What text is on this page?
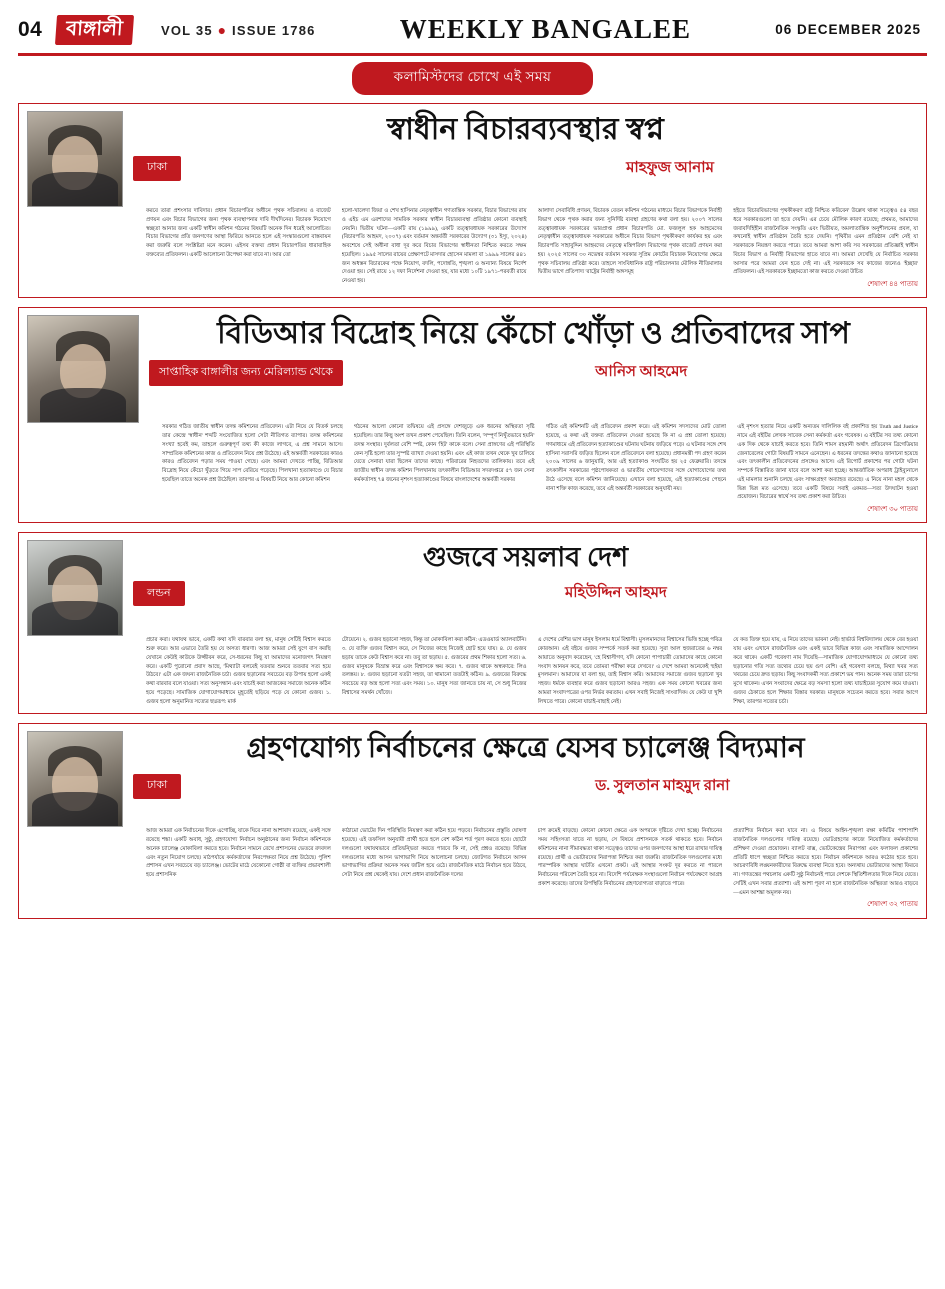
04	বাঙ্গালী	VOL 35 ● ISSUE 1786	WEEKLY BANGALEE	06 DECEMBER 2025
কলামিস্টদের চোখে এই সময়
স্বাধীন বিচারব্যবস্থার স্বপ্ন
ঢাকা	মাহফুজ আনাম
করবে তারা প্রশংসার দাবিদার। প্রধান বিচারপতির অধীনে পৃথক সচিবালয় ও বাজেট প্রণয়ন এবং বিচার বিভাগের জন্য পৃথক ব্যবস্থাপনার দাবি দীর্ঘদিনের। বিচারক নিয়োগে স্বচ্ছতা আনার জন্য একটি স্বাধীন কমিশন গঠনের বিষয়টি অনেক দিন ধরেই আলোচিত। বিচার বিভাগের প্রতি জনগণের আস্থা ফিরিয়ে আনতে হলে এই সংস্কারগুলো বাস্তবায়ন করা জরুরি বলে সংশ্লিষ্টরা মনে করেন। এইসব বক্তব্য প্রধান বিচারপতির ধারাবাহিক বক্তব্যের প্রতিফলন। একটি আলোচনা উপেক্ষা করা যাবে না। আর তো
হলো-খালেদা জিয়া ও শেখ হাসিনার নেতৃত্বাধীন গণতান্ত্রিক সরকার, বিচার বিভাগের রায় ও এইচ এম এরশাদের সামরিক সরকার স্বাধীন বিচারব্যবস্থা প্রতিষ্ঠার কোনো ব্যবস্থাই নেয়নি। দ্বিতীয় ঘটনা—একটি রায় (১৯৯৯), একটি তত্ত্বাবধায়ক সরকারের উদ্যোগ (বিচারপতি আহমদ, ২০০৭) এবং বর্তমান অন্তর্বর্তী সরকারের উদ্যোগ (৩১ ইস্যু, ২০২৪) অবশেষে সেই অধীনা বাধা দূর করে বিচার বিভাগের স্বাধীনতা নিশ্চিত করতে সক্ষম হয়েছিল। ১৯৯৫ সালের রায়ের প্রেক্ষাপটে মাসদার হোসেন মামলা বা ১৯৯৯ সালের ৪৪১ জন অধস্তন বিচারকের পক্ষে নিয়োগ, বদলি, পদোন্নতি, শৃঙ্খলা ও অন্যান্য বিষয়ে নির্দেশ দেওয়া হয়। সেই রায়ে ১২ দফা নির্দেশনা দেওয়া হয়, যার মধ্যে ১০টি ১৯৭১-পরবর্তী রায়ে নেওয়া হয়।
আলাদা সেবাবিধি প্রণয়ন, বিচারক বেতন কমিশন গঠনের মাধ্যমে বিচার বিভাগকে নির্বাহী বিভাগ থেকে পৃথক করার জন্য সুনির্দিষ্ট ব্যবস্থা গ্রহণের কথা বলা হয়। ২০০৭ সালের তত্ত্বাবধায়ক সরকারের ভারপ্রাপ্ত প্রধান বিচারপতি মো. ফজলুল হক আহমেদের নেতৃত্বাধীন তত্ত্বাবধায়ক সরকারের অধীনে বিচার বিভাগ পৃথকীকরণ কার্যকর হয় এবং বিচারপতি সাহাবুদ্দিন আহমদের নেতৃত্বে মন্ত্রিপরিষদ বিভাগের পৃথক বাজেট প্রণয়ন করা হয়। ২০২৫ সালের ৩০ নভেম্বর বর্তমান সরকার সুপ্রিম কোর্টের বিচারক নিয়োগের ক্ষেত্রে পৃথক সচিবালয় প্রতিষ্ঠা করে। তাহলে সাংবিধানিক রাষ্ট্র পরিচালনার মৌলিক নীতিমালার দ্বিতীয় ভাগে প্রতিপাদ্য 'রাষ্ট্রের নির্বাহী অঙ্গসমূহ
হইতে বিচারবিভাগের পৃথকীকরণ রাষ্ট্র নিশ্চিত করিবেন' উল্লেখ থাকা সত্ত্বেও ৫৪ বছর ধরে সরকারগুলো তা হতে দেয়নি। এর চেয়ে মৌলিক কারণ রয়েছে; প্রথমত, আমাদের জবাবদিহিহীন রাজনৈতিক সংস্কৃতি এবং দ্বিতীয়ত, অমলাতান্ত্রিক অনুশীলনের প্রবল, যা কখনোই স্বাধীন প্রতিষ্ঠান তৈরি হতে দেয়নি। পৃথিবীর এমন প্রতিষ্ঠান বেশি নেই যা সরকারকে নিয়ন্ত্রণ করতে পারে। তবে আমরা আশা করি সব সরকারের প্রতিজ্ঞাই স্বাধীন বিচার বিভাগ ও নির্বাহী বিভাগের হাতে যাবে না। আমরা দেখেছি যে নির্বাচিত সরকার আসার পরে আমরা যেন হতে দেই না। এই সরকারকে সব কাজের জন্যেও 'ইচ্ছার' প্রতিফলন। এই সরকারকে ইচ্ছামতো কাজ করতে দেওয়া উচিত
শেষাংশ ৪৪ পাতায়
বিডিআর বিদ্রোহ নিয়ে কেঁচো খোঁড়া ও প্রতিবাদের সাপ
সাপ্তাহিক বাঙ্গালীর জন্য মেরিল্যান্ড থেকে	আনিস আহমেদ
সরকার গঠিত জাতীয় স্বাধীন তদন্ত কমিশনের প্রতিবেদন। এটা নিয়ে যে বিতর্ক চলছে তার কেন্দ্রে 'স্বাধীন' শব্দটি সংযোজিত হলো সেটা নীতিগত ব্যাপার। তদন্ত কমিশনের সংখ্যা হবেই কম, তাহলে গুরুত্বপূর্ণ তথ্য কী কাজে লাগবে, এ প্রশ্ন সামনে আসে। সাম্প্রতিক কমিশনের কাজ ও প্রতিবেদন নিয়ে প্রশ্ন উঠেছে। এই অন্তর্বর্তী সরকারের কারও কারও প্রতিবেদন পড়ার সময় পাওয়া গেছে। এবং আমরা দেখতে পাচ্ছি, বিডিআর বিদ্রোহ নিয়ে কেঁচো খুঁড়তে গিয়ে সাপ বেরিয়ে পড়েছে। পিলখানা হত্যাকাণ্ডে যে বিচার হয়েছিল তাতে অনেক প্রশ্ন উঠেছিল। তারপর এ বিষয়টি নিয়ে আর কোনো কমিশন
গঠনের আলো কোনো তদ্বিষয়ে এই প্রসঙ্গে দেশজুড়ে এক ধরনের অস্থিরতা সৃষ্টি হয়েছিল। তার কিছু অংশ তখন প্রকাশ পেয়েছিল। তিনি বলেন, 'সম্পূর্ণ নিখুঁতভাবে হয়নি' তদন্ত সংস্থার। দুর্বলতা বেশি স্পষ্ট, কোন 'হিট' কাকে বলে। সেনা প্রাঙ্গণের এই পরিস্থিতি কেন সৃষ্টি হলো তার সুস্পষ্ট ব্যাখ্যা দেওয়া হয়নি। এবং এই কাজ তখন থেকে খুব চালিয়ে যেতে সেনারা যারা ছিলেন তাদের কাছে। পরিবারের নিহতদের তালিকায়। তবে এই জাতীয় স্বাধীন তদন্ত কমিশন পিলখানায় তৎকালীন বিডিআর সদরদপ্তরে ৫৭ জন সেনা কর্মকর্তাসহ ৭৪ জনের নৃশংস হত্যাকাণ্ডের বিষয়ে বাংলাদেশের অন্তর্বর্তী সরকার
গঠিত এই কমিশনটি এই প্রতিবেদন প্রকাশ করে। এই কমিশন সদস্যদের মোট তোলা হয়েছে, এ কথা এই বক্তব্য প্রতিবেদন দেওয়া হয়েছে কি না এ প্রশ্ন তোলা হয়েছে। গণমাধ্যমে এই প্রতিবেদন হত্যাকাণ্ডের ঘটনায় ঘটনায় জড়িয়ে পড়ে। এ ঘটনার সঙ্গে শেখ হাসিনা সরাসরি জড়িত ছিলেন বলে প্রতিবেদনে বলা হয়েছে। প্রধানমন্ত্রী পদ গ্রহণ করেন ২০০৯ সালের ৬ জানুয়ারি, আর এই হত্যাকাণ্ড সংঘটিত হয় ২৫ ফেব্রুয়ারি। তদন্তে তৎকালীন সরকারের পৃষ্ঠপোষকতা ও ভারতীয় গোয়েন্দাদের সঙ্গে যোগাযোগের তথ্য উঠে এসেছে বলে কমিশন জানিয়েছে। এখানে বলা হয়েছে, এই হত্যাকাণ্ডের পেছনে নানা শক্তি কাজ করেছে, তবে এই অন্তর্বর্তী সরকারের অনুযায়ী নয়।
এই নৃশংস হত্যার নিয়ে একটি অন্যতম দালিলিক বই প্রকাশিত হয় Truth and Justice নামে এই বইটির লেখক সাবেক সেনা কর্মকর্তা এবং গবেষক। এ বইটির সব তথ্য কোনো এক দিক থেকে যাচাই করতে হবে। তিনি শামস রহমানী অর্থাৎ প্রতিবেদন ব্রিগেডিয়ার জেনারেলের গোটা বিষয়টি সামনে এনেছেন। এ ধরনের তদন্তের কথাও জানানো হয়েছে এবং তৎকালীন প্রতিবেদনের প্রসঙ্গেও আসে। এই রিপোর্ট প্রকাশের পর গোটা ঘটনা সম্পর্কে বিস্তারিত জানা যাবে বলে আশা করা হচ্ছে। আন্তর্জাতিক অপরাধ ট্রাইব্যুনালে এই মামলার শুনানি চলছে এবং সাক্ষ্যগ্রহণ অব্যাহত রয়েছে। এ নিয়ে নানা মহল থেকে ভিন্ন ভিন্ন মত এসেছে। তবে একটি বিষয়ে সবাই একমত—সত্য উদঘাটন হওয়া প্রয়োজন। বিচারের স্বার্থে সব তথ্য প্রকাশ করা উচিত।
শেষাংশ ৩০ পাতায়
গুজবে সয়লাব দেশ
লন্ডন	মহিউদ্দিন আহমদ
প্রচার করা। যথাযথ ভাবে, একটি কথা যদি বারবার বলা হয়, মানুষ সেটিই বিশ্বাস করতে শুরু করে। আর এভাবে তৈরি হয় যে অসত্য ধারণা। আজ আমরা সেই যুগে বাস করছি যেখানে কেউই কাউকে উজ্জীবন করে, সে-ধরনের কিছু যা আমাদের মনোজগৎ নিয়ন্ত্রণ করে। একটি পুরোনো প্রবাদ আছে, 'মিথ্যাটা বলবেই যতবার শুনবে ততবার সত্য হয়ে উঠবে।' এটা এক জঘন্য রাজনৈতিক চর্চা। গুজব ছড়ানোর সবচেয়ে বড় উপায় হলো একই কথা বারবার বলে যাওয়া। সত্য অনুসন্ধান এবং যাচাই করা আজকের সমাজে অনেক কঠিন হয়ে পড়েছে। সামাজিক যোগাযোগমাধ্যমে মুহূর্তেই ছড়িয়ে পড়ে যে কোনো গুজব। ১. গুজব হলো অনুমানিত সত্যের ছদ্মরূপ: মার্ক
টোয়েনে। ২. গুজব ছড়ানো সহজ, কিন্তু তা মোকাবিলা করা কঠিন: এডওয়ার্ড অ্যালবার্টনি। ৩. যে ব্যক্তি গুজব বিশ্বাস করে, সে নিজের কাছে নিজেই ছোট হয়ে যায়। ৪. যে গুজব ছড়ায় তাকে কেউ বিশ্বাস করে না। তবু তা ছড়ায়। ৫. গুজবের প্রথম শিকার হলো সত্য। ৬. গুজব মানুষকে বিভ্রান্ত করে এবং বিশ্বাসকে ক্ষয় করে। ৭. গুজব থাকে অন্ধকারে: লিও তলস্তয়। ৮. গুজব ছড়ানো যতটা সহজ, তা থামানো ততটাই কঠিন। ৯. গুজবের বিরুদ্ধে সবচেয়ে বড় অস্ত্র হলো সত্য এবং সময়। ১০. মানুষ সত্য জানতে চায় না, সে শুধু নিজের বিশ্বাসের সমর্থন খোঁজে।
এ দেশের বেশির ভাগ মানুষ ইসলাম ধর্মে বিশ্বাসী। মুসলমানদের বিশ্বাসের ভিত্তি হচ্ছে পবিত্র কোরআন। এই বইয়ে গুজব সম্পর্কে সতর্ক করা হয়েছে। সুরা আল হুজরাতের ৬ নম্বর আয়াতে অনুবাদ করেছেন, 'হে বিশ্বাসীগণ, যদি কোনো পাপাচারী তোমাদের কাছে কোনো সংবাদ আনয়ন করে, তবে তোমরা পরীক্ষা করে দেখবে।' এ দেশে আমরা অনেকেই 'ছইয়া মুসলমান'। আমাদের যা বলা হয়, তাই বিশ্বাস করি। আমাদের সমাজে গুজব ছড়ানো খুব সহজ। ধর্মকে ব্যবহার করে গুজব ছড়ানো আরও সহজ। এক সময় কোনো খবরের জন্য আমরা সংবাদপত্রের ওপর নির্ভর করতাম। এখন সবাই নিজেই সাংবাদিক। যে কেউ যা খুশি লিখতে পারে। কোনো যাচাই-বাছাই নেই।
যে কত তিক্ত হয়ে যায়, এ নিয়ে তাদের ভাবনা নেই। হার্ভার্ড বিশ্ববিদ্যালয় থেকে বের হওয়া যায় এবং এখানে রাজনৈতিক এবং একই ভাবে বিভিন্ন কাজ এবং সামাজিক আন্দোলন করে থাকে। একটি গবেষণা নাম দিয়েছি—সামাজিক যোগাযোগমাধ্যমে যে কোনো তথ্য ছড়ানোর গতি সত্য তথ্যের চেয়ে ছয় গুণ বেশি। এই গবেষণা বলছে, মিথ্যা খবর সত্য খবরের চেয়ে দ্রুত ছড়ায়। কিছু সংবাদকর্মী সত্য প্রকাশে ভয় পান। অনেক সময় তারা চাপের মুখে থাকেন। এখন সংবাদের ক্ষেত্রে বড় সমস্যা হলো তথ্য যাচাইয়ের সুযোগ কমে যাওয়া। গুজব ঠেকাতে হলে শিক্ষার বিস্তার দরকার। মানুষকে সচেতন করতে হবে। সবার আগে শিক্ষা, তারপর সত্যের চর্চা।
গ্রহণযোগ্য নির্বাচনের ক্ষেত্রে যেসব চ্যালেঞ্জ বিদ্যমান
ঢাকা	ড. সুলতান মাহমুদ রানা
আজ আমরা এক নির্বাচনের দিকে এগোচ্ছি, যাকে ঘিরে নানা আশাবাদ রয়েছে, একই সঙ্গে রয়েছে শঙ্কা। একটি অবাধ, সুষ্ঠু, গ্রহণযোগ্য নির্বাচন অনুষ্ঠানের জন্য নির্বাচন কমিশনকে অনেক চ্যালেঞ্জ মোকাবিলা করতে হবে। নির্বাচন সামনে রেখে প্রশাসনের ভেতরে রদবদল এবং নতুন নিয়োগ চলছে। মাঠপর্যায়ে কর্মকর্তাদের নিরপেক্ষতা নিয়ে প্রশ্ন উঠেছে। পুলিশ প্রশাসন এখন সবচেয়ে বড় চ্যালেঞ্জ। ভোটের মাঠে যেকোনো গোষ্ঠী বা ব্যক্তির প্রভাবশালী হয়ে প্রশাসনিক
কাঠামো ভোটের দিন পরিস্থিতি নিয়ন্ত্রণ করা কঠিন হয়ে পড়বে। নির্বাচনের প্রস্তুতি ঘোষণা হয়েছে। এই তফসিল অনুযায়ী প্রার্থী হতে হলে বেশ কঠিন শর্ত পূরণ করতে হবে। ছোটো দলগুলো যথাযথভাবে প্রতিদ্বন্দ্বিতা করতে পারবে কি না, সেই প্রশ্নও রয়েছে। বিভিন্ন দলগুলোর মধ্যে আসন ভাগাভাগি নিয়ে আলোচনা চলছে। জোটগত নির্বাচনে আসন ভাগাভাগির প্রক্রিয়া অনেক সময় জটিল হয়ে ওঠে। রাজনৈতিক মাঠে নির্বাচন হয়ে উঠবে, সেটা নিয়ে প্রশ্ন থেকেই যায়। দেশে প্রধান রাজনৈতিক দলের
চাপ ক্রমেই বাড়ছে। কোনো কোনো ক্ষেত্রে এক অপরকে দৃষ্টিতে দেখা হচ্ছে। নির্বাচনের সময় সহিংসতা যাতে না ছড়ায়, সে বিষয়ে প্রশাসনকে সতর্ক থাকতে হবে। নির্বাচন কমিশনের নানা সীমাবদ্ধতা থাকা সত্ত্বেও তাদের ওপর জনগণের আস্থা ধরে রাখার দায়িত্ব রয়েছে। প্রার্থী ও ভোটারদের নিরাপত্তা নিশ্চিত করা জরুরি। রাজনৈতিক দলগুলোর মধ্যে পারস্পরিক আস্থার ঘাটতি এখনো প্রকট। এই আস্থার সংকট দূর করতে না পারলে নির্বাচনের পরিবেশ তৈরি হবে না। বিদেশি পর্যবেক্ষক সংস্থাগুলো নির্বাচন পর্যবেক্ষণে আগ্রহ প্রকাশ করেছে। তাদের উপস্থিতি নির্বাচনের গ্রহণযোগ্যতা বাড়াতে পারে।
প্রত্যাশিত নির্বাচন করা যাবে না। এ বিষয়ে আইন-শৃঙ্খলা রক্ষা কমিটির পাশাপাশি রাজনৈতিক দলগুলোর দায়িত্ব রয়েছে। ভোটগ্রহণের কাজে নিয়োজিত কর্মকর্তাদের প্রশিক্ষণ দেওয়া প্রয়োজন। ব্যালট বাক্স, ভোটকেন্দ্রের নিরাপত্তা এবং ফলাফল প্রকাশের প্রতিটি ধাপে স্বচ্ছতা নিশ্চিত করতে হবে। নির্বাচন কমিশনকে আরও কঠোর হতে হবে। আচরণবিধি লঙ্ঘনকারীদের বিরুদ্ধে ব্যবস্থা নিতে হবে। অন্যথায় ভোটারদের আস্থা ফিরবে না। গণতন্ত্রের পথচলায় একটি সুষ্ঠু নির্বাচনই পারে দেশকে স্থিতিশীলতার দিকে নিয়ে যেতে। সেটিই এখন সবার প্রত্যাশা। এই আশা পূরণ না হলে রাজনৈতিক অস্থিরতা আরও বাড়বে—এমন আশঙ্কা অমূলক নয়।
শেষাংশ ৩২ পাতায়
